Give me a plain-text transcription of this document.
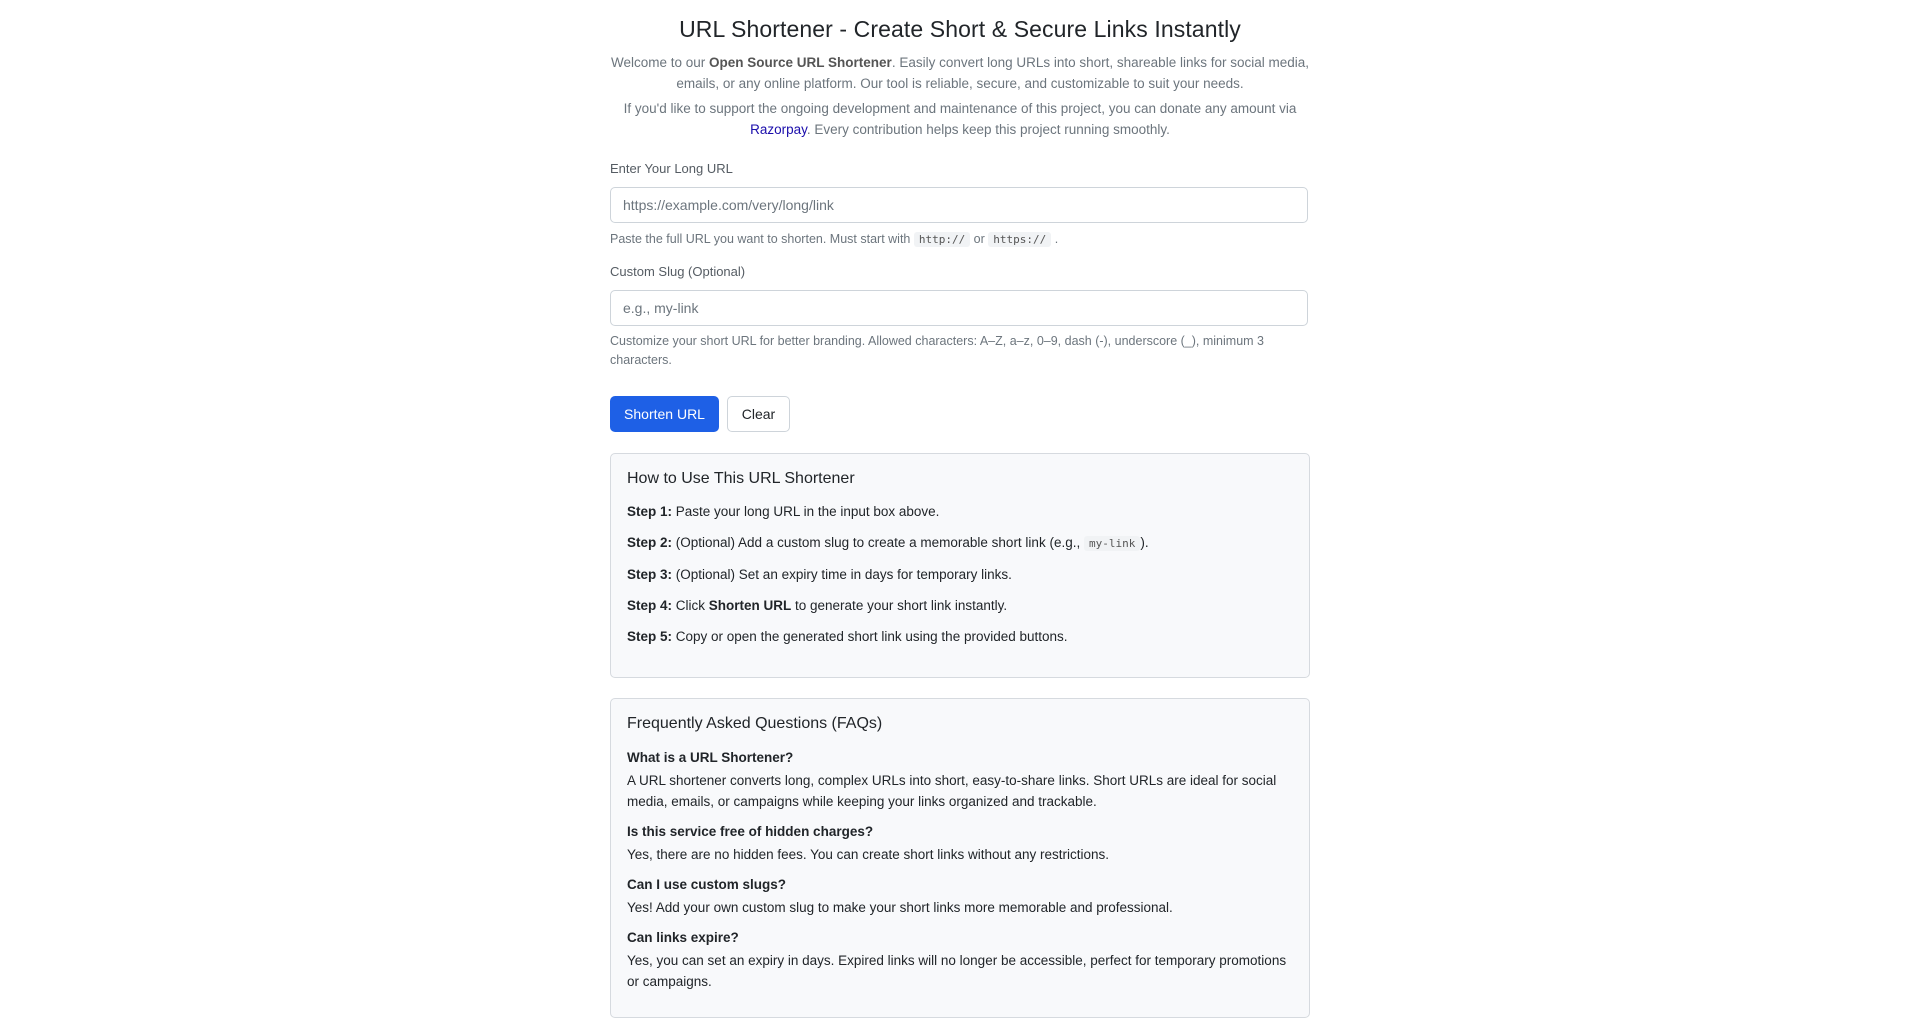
URL Shortener - Create Short & Secure Links Instantly

Welcome to our Open Source URL Shortener. Easily convert long URLs into short, shareable links for social media, emails, or any online platform. Our tool is reliable, secure, and customizable to suit your needs.

If you'd like to support the ongoing development and maintenance of this project, you can donate any amount via Razorpay. Every contribution helps keep this project running smoothly.

Enter Your Long URL
https://example.com/very/long/link
Paste the full URL you want to shorten. Must start with http:// or https:// .
Custom Slug (Optional)
e.g., my-link
Customize your short URL for better branding. Allowed characters: A–Z, a–z, 0–9, dash (-), underscore (_), minimum 3 characters.
Shorten URL	Clear
How to Use This URL Shortener
Step 1: Paste your long URL in the input box above.
Step 2: (Optional) Add a custom slug to create a memorable short link (e.g., my-link ).
Step 3: (Optional) Set an expiry time in days for temporary links.
Step 4: Click Shorten URL to generate your short link instantly.
Step 5: Copy or open the generated short link using the provided buttons.
Frequently Asked Questions (FAQs)
What is a URL Shortener?
A URL shortener converts long, complex URLs into short, easy-to-share links. Short URLs are ideal for social media, emails, or campaigns while keeping your links organized and trackable.
Is this service free of hidden charges?
Yes, there are no hidden fees. You can create short links without any restrictions.
Can I use custom slugs?
Yes! Add your own custom slug to make your short links more memorable and professional.
Can links expire?
Yes, you can set an expiry in days. Expired links will no longer be accessible, perfect for temporary promotions or campaigns.
